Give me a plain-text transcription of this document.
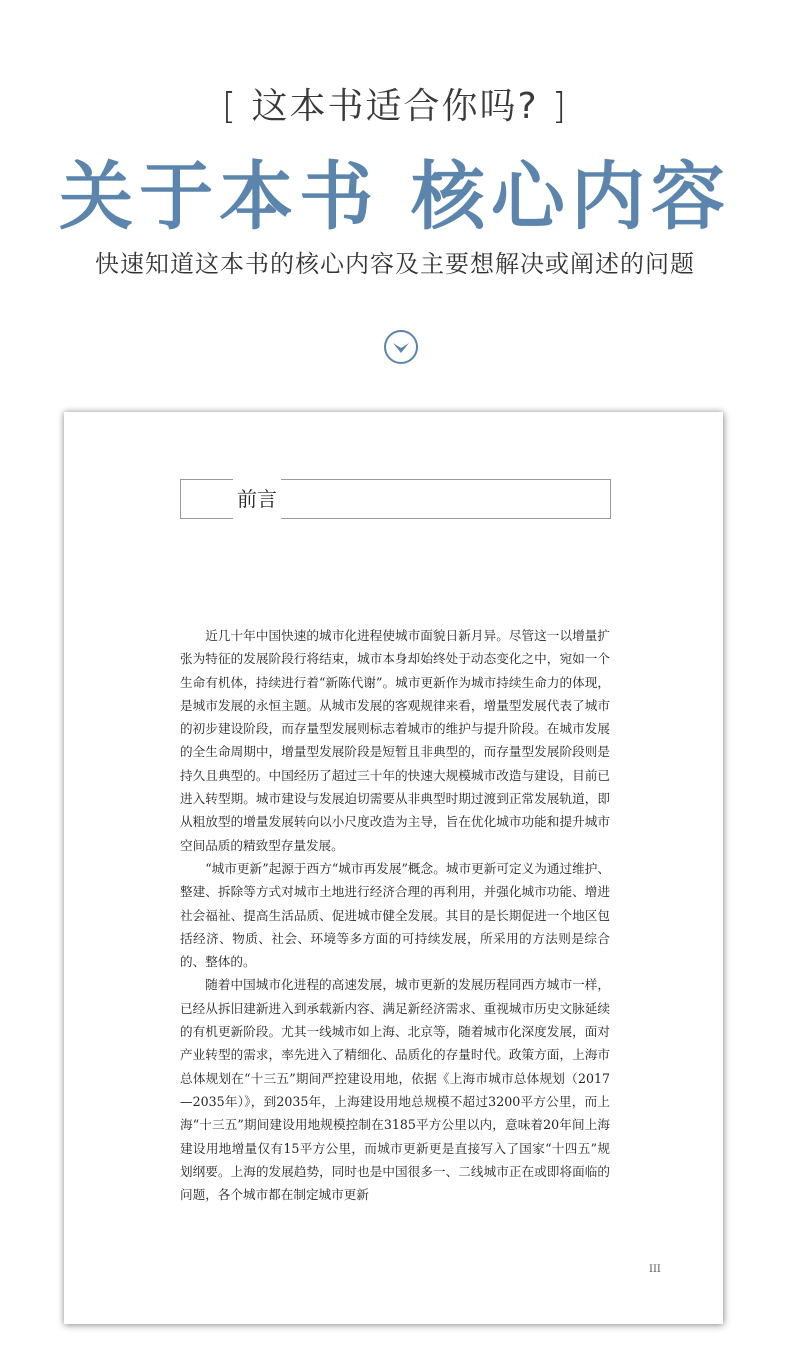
[ 这本书适合你吗? ]
关于本书 核心内容
快速知道这本书的核心内容及主要想解决或阐述的问题
前言

近几十年中国快速的城市化进程使城市面貌日新月异。尽管这一以增量扩张为特征的发展阶段行将结束，城市本身却始终处于动态变化之中，宛如一个生命有机体，持续进行着“新陈代谢”。城市更新作为城市持续生命力的体现，是城市发展的永恒主题。从城市发展的客观规律来看，增量型发展代表了城市的初步建设阶段，而存量型发展则标志着城市的维护与提升阶段。在城市发展的全生命周期中，增量型发展阶段是短暂且非典型的，而存量型发展阶段则是持久且典型的。中国经历了超过三十年的快速大规模城市改造与建设，目前已进入转型期。城市建设与发展迫切需要从非典型时期过渡到正常发展轨道，即从粗放型的增量发展转向以小尺度改造为主导，旨在优化城市功能和提升城市空间品质的精致型存量发展。

“城市更新”起源于西方“城市再发展”概念。城市更新可定义为通过维护、整建、拆除等方式对城市土地进行经济合理的再利用，并强化城市功能、增进社会福祉、提高生活品质、促进城市健全发展。其目的是长期促进一个地区包括经济、物质、社会、环境等多方面的可持续发展，所采用的方法则是综合的、整体的。

随着中国城市化进程的高速发展，城市更新的发展历程同西方城市一样，已经从拆旧建新进入到承载新内容、满足新经济需求、重视城市历史文脉延续的有机更新阶段。尤其一线城市如上海、北京等，随着城市化深度发展，面对产业转型的需求，率先进入了精细化、品质化的存量时代。政策方面，上海市总体规划在“十三五”期间严控建设用地，依据《上海市城市总体规划（2017—2035年）》，到2035年，上海建设用地总规模不超过3200平方公里，而上海“十三五”期间建设用地规模控制在3185平方公里以内，意味着20年间上海建设用地增量仅有15平方公里，而城市更新更是直接写入了国家“十四五”规划纲要。上海的发展趋势，同时也是中国很多一、二线城市正在或即将面临的问题，各个城市都在制定城市更新

III
